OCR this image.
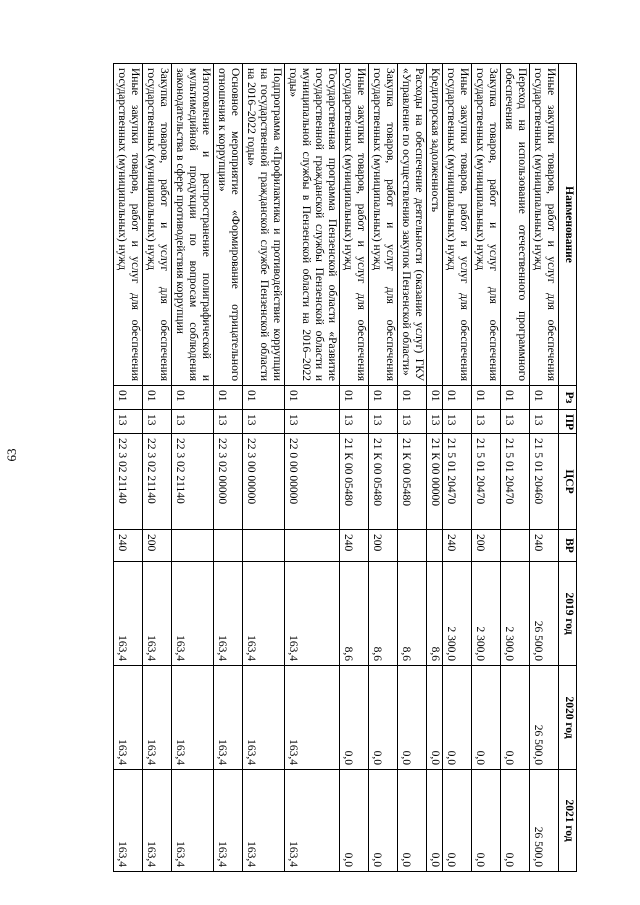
63
Наименование	Рз	ПР	ЦСР	ВР	2019 год	2020 год	2021 год
Иные закупки товаров, работ и услуг для обеспечения государственных (муниципальных) нужд	01	13	21 5 01 20460	240	26 500,0	26 500,0	26 500,0
Переход на использование отечественного программного обеспечения	01	13	21 5 01 20470		2 300,0	0,0	0,0
Закупка товаров, работ и услуг для обеспечения государственных (муниципальных) нужд	01	13	21 5 01 20470	200	2 300,0	0,0	0,0
Иные закупки товаров, работ и услуг для обеспечения государственных (муниципальных) нужд	01	13	21 5 01 20470	240	2 300,0	0,0	0,0
Кредиторская задолженность	01	13	21 К 00 00000		8,6	0,0	0,0
Расходы на обеспечение деятельности (оказание услуг) ГКУ «Управление по осуществлению закупок Пензенской области»	01	13	21 К 00 05480		8,6	0,0	0,0
Закупка товаров, работ и услуг для обеспечения государственных (муниципальных) нужд	01	13	21 К 00 05480	200	8,6	0,0	0,0
Иные закупки товаров, работ и услуг для обеспечения государственных (муниципальных) нужд	01	13	21 К 00 05480	240	8,6	0,0	0,0
Государственная программа Пензенской области «Развитие государственной гражданской службы Пензенской области и муниципальной службы в Пензенской области на 2016–2022 годы»	01	13	22 0 00 00000		163,4	163,4	163,4
Подпрограмма «Профилактика и противодействие коррупции на государственной гражданской службе Пензенской области на 2016–2022 годы»	01	13	22 3 00 00000		163,4	163,4	163,4
Основное мероприятие «Формирование отрицательного отношения к коррупции»	01	13	22 3 02 00000		163,4	163,4	163,4
Изготовление и распространение полиграфической и мультимедийной продукции по вопросам соблюдения законодательства в сфере противодействия коррупции	01	13	22 3 02 21140		163,4	163,4	163,4
Закупка товаров, работ и услуг для обеспечения государственных (муниципальных) нужд	01	13	22 3 02 21140	200	163,4	163,4	163,4
Иные закупки товаров, работ и услуг для обеспечения государственных (муниципальных) нужд	01	13	22 3 02 21140	240	163,4	163,4	163,4
